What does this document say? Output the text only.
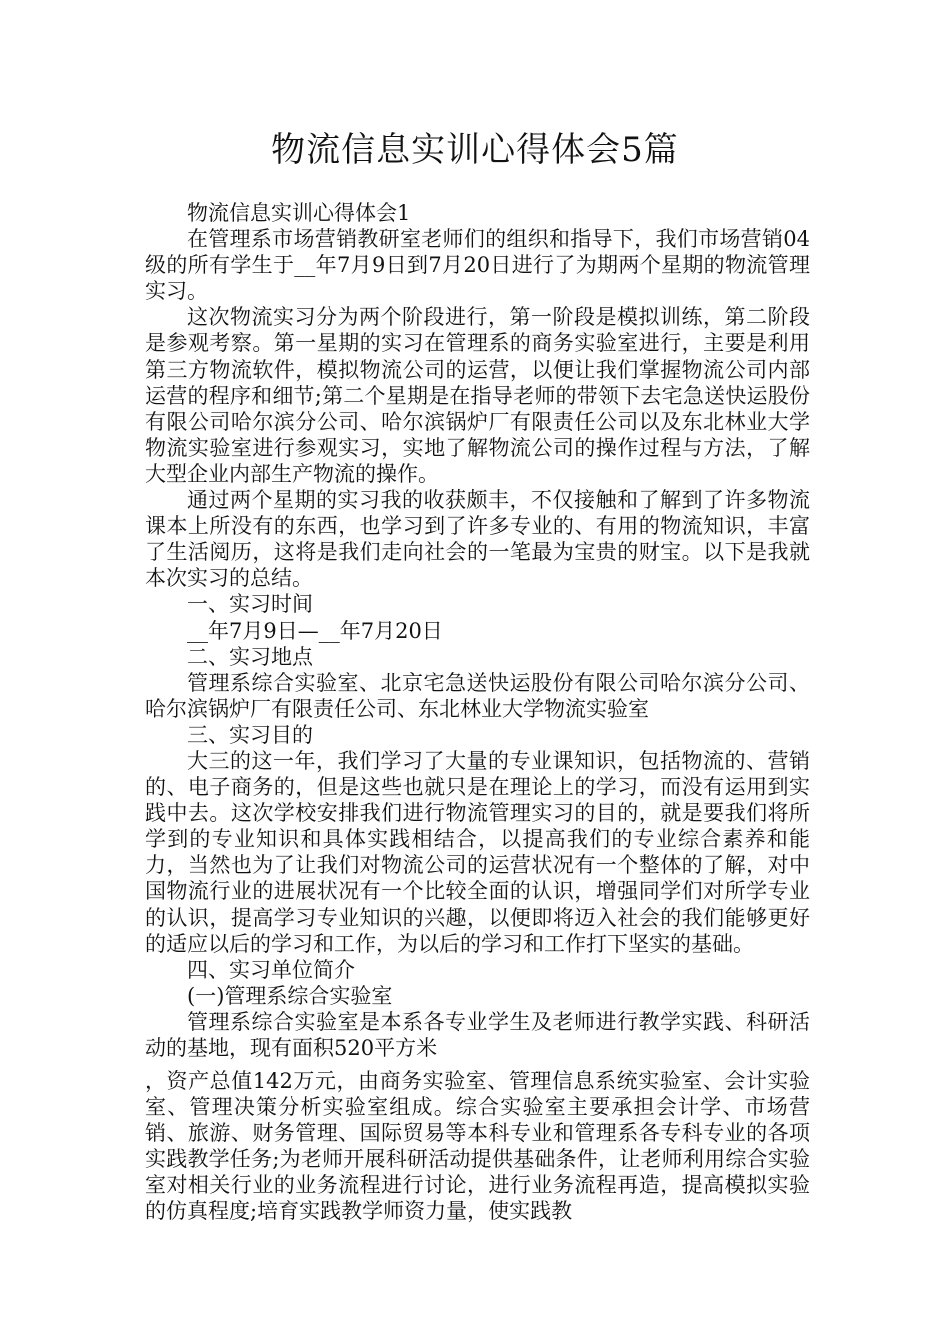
物流信息实训心得体会5篇

物流信息实训心得体会1

在管理系市场营销教研室老师们的组织和指导下，我们市场营销04级的所有学生于__年7月9日到7月20日进行了为期两个星期的物流管理实习。

这次物流实习分为两个阶段进行，第一阶段是模拟训练，第二阶段是参观考察。第一星期的实习在管理系的商务实验室进行，主要是利用第三方物流软件，模拟物流公司的运营，以便让我们掌握物流公司内部运营的程序和细节;第二个星期是在指导老师的带领下去宅急送快运股份有限公司哈尔滨分公司、哈尔滨锅炉厂有限责任公司以及东北林业大学物流实验室进行参观实习，实地了解物流公司的操作过程与方法，了解大型企业内部生产物流的操作。

通过两个星期的实习我的收获颇丰，不仅接触和了解到了许多物流课本上所没有的东西，也学习到了许多专业的、有用的物流知识，丰富了生活阅历，这将是我们走向社会的一笔最为宝贵的财宝。以下是我就本次实习的总结。

一、实习时间

__年7月9日—__年7月20日

二、实习地点

管理系综合实验室、北京宅急送快运股份有限公司哈尔滨分公司、哈尔滨锅炉厂有限责任公司、东北林业大学物流实验室

三、实习目的

大三的这一年，我们学习了大量的专业课知识，包括物流的、营销的、电子商务的，但是这些也就只是在理论上的学习，而没有运用到实践中去。这次学校安排我们进行物流管理实习的目的，就是要我们将所学到的专业知识和具体实践相结合，以提高我们的专业综合素养和能力，当然也为了让我们对物流公司的运营状况有一个整体的了解，对中国物流行业的进展状况有一个比较全面的认识，增强同学们对所学专业的认识，提高学习专业知识的兴趣，以便即将迈入社会的我们能够更好的适应以后的学习和工作，为以后的学习和工作打下坚实的基础。

四、实习单位简介

(一)管理系综合实验室

管理系综合实验室是本系各专业学生及老师进行教学实践、科研活动的基地，现有面积520平方米

，资产总值142万元，由商务实验室、管理信息系统实验室、会计实验室、管理决策分析实验室组成。综合实验室主要承担会计学、市场营销、旅游、财务管理、国际贸易等本科专业和管理系各专科专业的各项实践教学任务;为老师开展科研活动提供基础条件，让老师利用综合实验室对相关行业的业务流程进行讨论，进行业务流程再造，提高模拟实验的仿真程度;培育实践教学师资力量，使实践教
